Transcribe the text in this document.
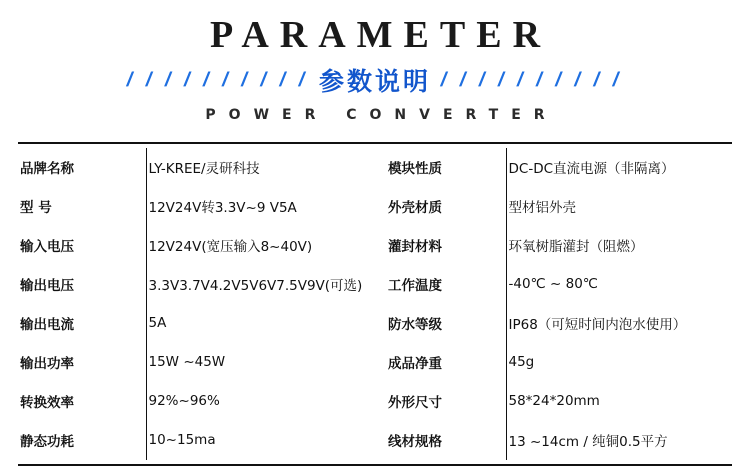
PARAMETER
/ / / / / / / / / / 参数说明 / / / / / / / / / /
POWER CONVERTER
品牌名称	LY-KREE/灵研科技	模块性质	DC-DC直流电源（非隔离）
型 号	12V24V转3.3V~9 V5A	外壳材质	型材铝外壳
输入电压	12V24V(宽压输入8~40V)	灌封材料	环氧树脂灌封（阻燃）
输出电压	3.3V3.7V4.2V5V6V7.5V9V(可选)	工作温度	-40℃ ~ 80℃
输出电流	5A	防水等级	IP68（可短时间内泡水使用）
输出功率	15W ~45W	成品净重	45g
转换效率	92%~96%	外形尺寸	58*24*20mm
静态功耗	10~15ma	线材规格	13 ~14cm / 纯铜0.5平方
